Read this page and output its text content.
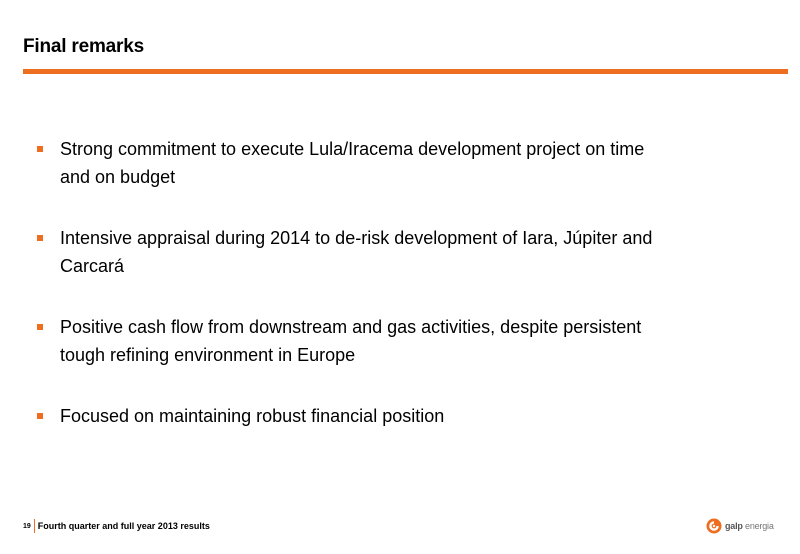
Final remarks
Strong commitment to execute Lula/Iracema development project on time
and on budget
Intensive appraisal during 2014 to de-risk development of Iara, Júpiter and
Carcará
Positive cash flow from downstream and gas activities, despite persistent
tough refining environment in Europe
Focused on maintaining robust financial position
19 Fourth quarter and full year 2013 results	galp energia
